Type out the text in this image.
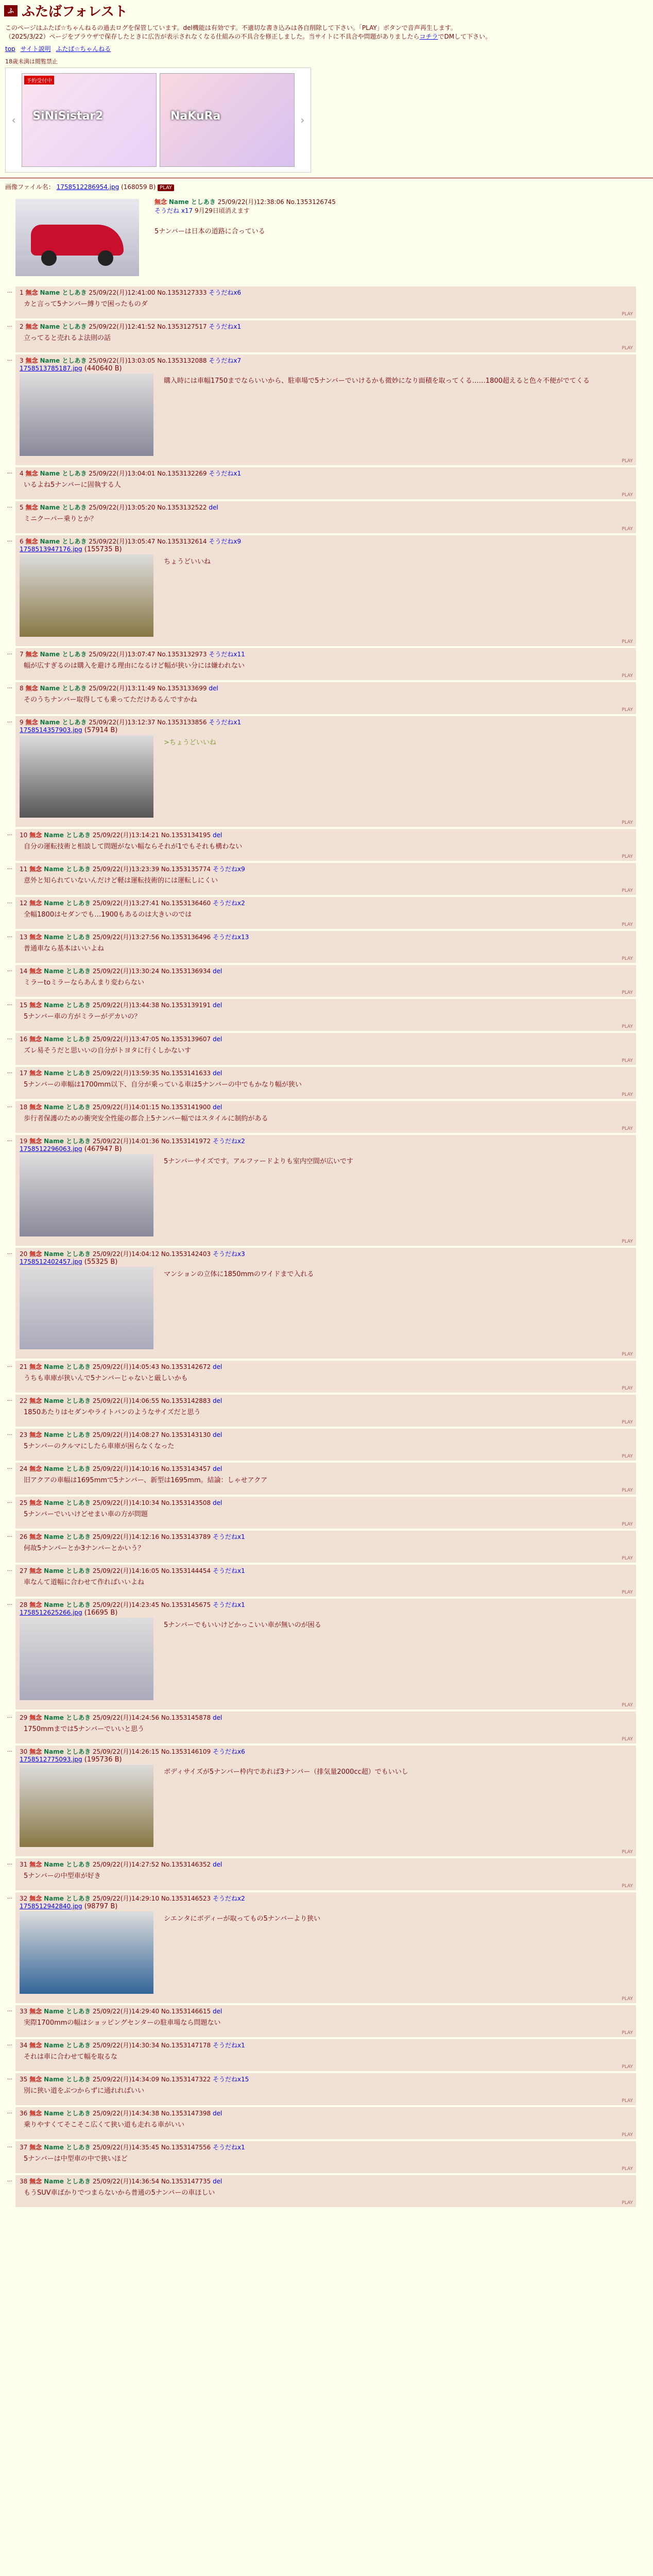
ふ ふたばフォレスト
このページはふたば☆ちゃんねるの過去ログを保管しています。del機能は有効です。不適切な書き込みは各自削除して下さい。「PLAY」ボタンで音声再生します。
（2025/3/22）ページをブラウザで保存したときに広告が表示されなくなる仕組みの不具合を修正しました。当サイトに不具合や問題がありましたらコチラでDMして下さい。
top サイト説明 ふたば☆ちゃんねる
18歳未満は閲覧禁止
‹
予約受付中
SiNiSistar2	NaKuRa	›
画像ファイル名： 1758512286954.jpg (168059 B) PLAY
無念 Name としあき 25/09/22(月)12:38:06 No.1353126745
そうだね x17 9月29日頃消えます
5ナンバーは日本の道路に合っている
… 1 無念 Name としあき 25/09/22(月)12:41:00 No.1353127333 そうだねx6
カと言って5ナンバー縛りで困ったものダ
PLAY
… 2 無念 Name としあき 25/09/22(月)12:41:52 No.1353127517 そうだねx1
立ってると売れるよ法則の話
PLAY
… 3 無念 Name としあき 25/09/22(月)13:03:05 No.1353132088 そうだねx7
1758513785187.jpg (440640 B)
購入時には車幅1750までならいいから、駐車場で5ナンバーでいけるかも微妙になり面積を取ってくる……1800超えると色々不便がでてくる
PLAY
… 4 無念 Name としあき 25/09/22(月)13:04:01 No.1353132269 そうだねx1
いるよね5ナンバーに固執する人
PLAY
… 5 無念 Name としあき 25/09/22(月)13:05:20 No.1353132522 del
ミニクーパー乗りとか？
PLAY
… 6 無念 Name としあき 25/09/22(月)13:05:47 No.1353132614 そうだねx9
1758513947176.jpg (155735 B)
ちょうどいいね
PLAY
… 7 無念 Name としあき 25/09/22(月)13:07:47 No.1353132973 そうだねx11
幅が広すぎるのは購入を避ける理由になるけど幅が狭い分には嫌われない
PLAY
… 8 無念 Name としあき 25/09/22(月)13:11:49 No.1353133699 del
そのうちナンバー取得しても乗ってただけあるんですかね
PLAY
… 9 無念 Name としあき 25/09/22(月)13:12:37 No.1353133856 そうだねx1
1758514357903.jpg (57914 B)
>ちょうどいいね
PLAY
… 10 無念 Name としあき 25/09/22(月)13:14:21 No.1353134195 del
自分の運転技術と相談して問題がない幅ならそれが1でもそれも構わない
PLAY
… 11 無念 Name としあき 25/09/22(月)13:23:39 No.1353135774 そうだねx9
意外と知られていないんだけど軽は運転技術的には運転しにくい
PLAY
… 12 無念 Name としあき 25/09/22(月)13:27:41 No.1353136460 そうだねx2
全幅1800はセダンでも…1900もあるのは大きいのでは
PLAY
… 13 無念 Name としあき 25/09/22(月)13:27:56 No.1353136496 そうだねx13
普通車なら基本はいいよね
PLAY
… 14 無念 Name としあき 25/09/22(月)13:30:24 No.1353136934 del
ミラーtoミラーならあんまり変わらない
PLAY
… 15 無念 Name としあき 25/09/22(月)13:44:38 No.1353139191 del
5ナンバー車の方がミラーがデカいの？
PLAY
… 16 無念 Name としあき 25/09/22(月)13:47:05 No.1353139607 del
ズレ易そうだと思いいの自分がトヨタに行くしかないす
PLAY
… 17 無念 Name としあき 25/09/22(月)13:59:35 No.1353141633 del
5ナンバーの車幅は1700mm以下、自分が乗っている車は5ナンバーの中でもかなり幅が狭い
PLAY
… 18 無念 Name としあき 25/09/22(月)14:01:15 No.1353141900 del
歩行者保護のための衝突安全性能の都合上5ナンバー幅ではスタイルに制約がある
PLAY
… 19 無念 Name としあき 25/09/22(月)14:01:36 No.1353141972 そうだねx2
1758512296063.jpg (467947 B)
5ナンバーサイズです。アルファードよりも室内空間が広いです
PLAY
… 20 無念 Name としあき 25/09/22(月)14:04:12 No.1353142403 そうだねx3
1758512402457.jpg (55325 B)
マンションの立体に1850mmのワイドまで入れる
PLAY
… 21 無念 Name としあき 25/09/22(月)14:05:43 No.1353142672 del
うちも車庫が狭いんで5ナンバーじゃないと厳しいかも
PLAY
… 22 無念 Name としあき 25/09/22(月)14:06:55 No.1353142883 del
1850あたりはセダンやライトバンのようなサイズだと思う
PLAY
… 23 無念 Name としあき 25/09/22(月)14:08:27 No.1353143130 del
5ナンバーのクルマにしたら車庫が困らなくなった
PLAY
… 24 無念 Name としあき 25/09/22(月)14:10:16 No.1353143457 del
旧アクアの車幅は1695mmで5ナンバー、新型は1695mm。結論：しゃせアクア
PLAY
… 25 無念 Name としあき 25/09/22(月)14:10:34 No.1353143508 del
5ナンバーでいいけどせまい車の方が問題
PLAY
… 26 無念 Name としあき 25/09/22(月)14:12:16 No.1353143789 そうだねx1
何故5ナンバーとか3ナンバーとかいう？
PLAY
… 27 無念 Name としあき 25/09/22(月)14:16:05 No.1353144454 そうだねx1
車なんて道幅に合わせて作ればいいよね
PLAY
… 28 無念 Name としあき 25/09/22(月)14:23:45 No.1353145675 そうだねx1
1758512625266.jpg (16695 B)
5ナンバーでもいいけどかっこいい車が無いのが困る
PLAY
… 29 無念 Name としあき 25/09/22(月)14:24:56 No.1353145878 del
1750mmまでは5ナンバーでいいと思う
PLAY
… 30 無念 Name としあき 25/09/22(月)14:26:15 No.1353146109 そうだねx6
1758512775093.jpg (195736 B)
ボディサイズが5ナンバー枠内であれば3ナンバー（排気量2000cc超）でもいいし
PLAY
… 31 無念 Name としあき 25/09/22(月)14:27:52 No.1353146352 del
5ナンバーの中型車が好き
PLAY
… 32 無念 Name としあき 25/09/22(月)14:29:10 No.1353146523 そうだねx2
1758512942840.jpg (98797 B)
シエンタにボディーが取ってもの5ナンバーより狭い
PLAY
… 33 無念 Name としあき 25/09/22(月)14:29:40 No.1353146615 del
実際1700mmの幅はショッピングセンターの駐車場なら問題ない
PLAY
… 34 無念 Name としあき 25/09/22(月)14:30:34 No.1353147178 そうだねx1
それは車に合わせて幅を取るな
PLAY
… 35 無念 Name としあき 25/09/22(月)14:34:09 No.1353147322 そうだねx15
別に狭い道をぶつからずに通れればいい
PLAY
… 36 無念 Name としあき 25/09/22(月)14:34:38 No.1353147398 del
乗りやすくてそこそこ広くて狭い道も走れる車がいい
PLAY
… 37 無念 Name としあき 25/09/22(月)14:35:45 No.1353147556 そうだねx1
5ナンバーは中型車の中で狭いほど
PLAY
… 38 無念 Name としあき 25/09/22(月)14:36:54 No.1353147735 del
もうSUV車ばかりでつまらないから普通の5ナンバーの車ほしい
PLAY
